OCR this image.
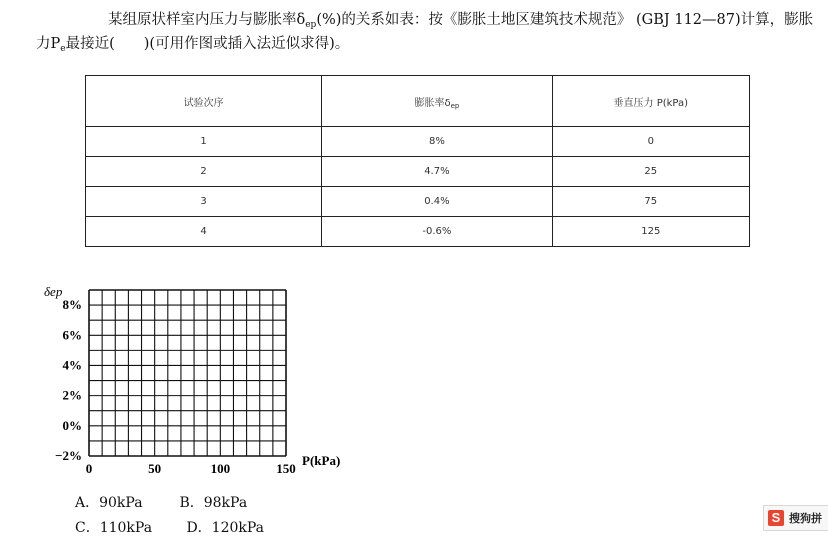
某组原状样室内压力与膨胀率$\delta_{ep}(\%)$的关系如表：按《膨胀土地区建筑技术规范》 (GBJ 112—87)计算，膨胀力$P_e$最接近(　　)(可用作图或插入法近似求得)。
试验次序	膨胀率$\delta_{ep}$	垂直压力 P(kPa)
1	8%	0
2	4.7%	25
3	0.4%	75
4	-0.6%	125
0	50	100	150
8%
6%
4%
2%
0%
−2%
δep
P(kPa)
A．90kPa	B．98kPa
C．110kPa D．120kPa
S 搜狗拼
